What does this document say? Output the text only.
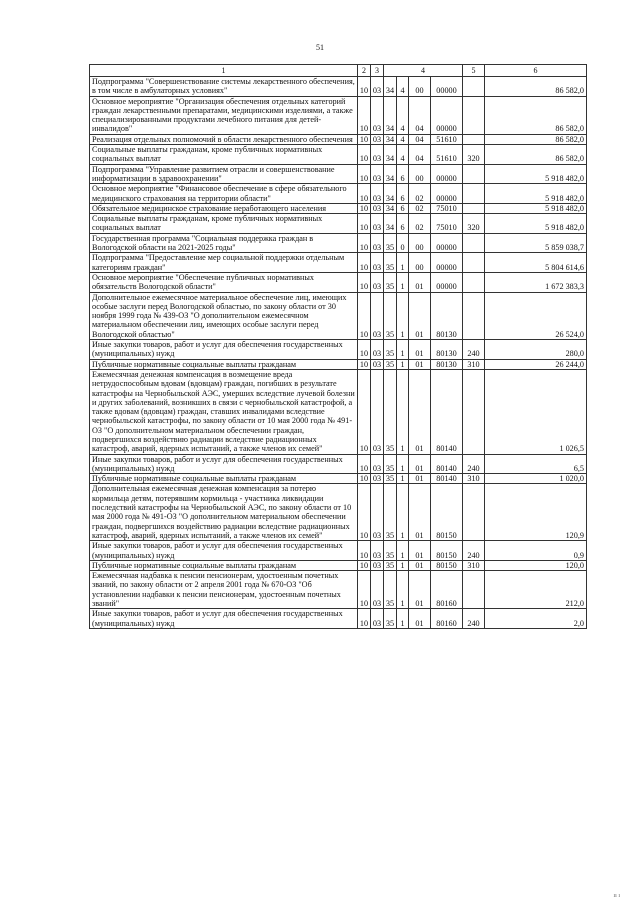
51
1	2	3	4				5	6
Подпрограмма "Совершенствование системы лекарственного обеспечения, в том числе в амбулаторных условиях"	10	03	34	4	00	00000		86 582,0
Основное мероприятие "Организация обеспечения отдельных категорий граждан лекарственными препаратами, медицинскими изделиями, а также специализированными продуктами лечебного питания для детей-инвалидов"	10	03	34	4	04	00000		86 582,0
Реализация отдельных полномочий в области лекарственного обеспечения	10	03	34	4	04	51610		86 582,0
Социальные выплаты гражданам, кроме публичных нормативных социальных выплат	10	03	34	4	04	51610	320	86 582,0
Подпрограмма "Управление развитием отрасли и совершенствование информатизации в здравоохранении"	10	03	34	6	00	00000		5 918 482,0
Основное мероприятие "Финансовое обеспечение в сфере обязательного медицинского страхования на территории области"	10	03	34	6	02	00000		5 918 482,0
Обязательное медицинское страхование неработающего населения	10	03	34	6	02	75010		5 918 482,0
Социальные выплаты гражданам, кроме публичных нормативных социальных выплат	10	03	34	6	02	75010	320	5 918 482,0
Государственная программа "Социальная поддержка граждан в Вологодской области на 2021-2025 годы"	10	03	35	0	00	00000		5 859 038,7
Подпрограмма "Предоставление мер социальной поддержки отдельным категориям граждан"	10	03	35	1	00	00000		5 804 614,6
Основное мероприятие "Обеспечение публичных нормативных обязательств Вологодской области"	10	03	35	1	01	00000		1 672 383,3
Дополнительное ежемесячное материальное обеспечение лиц, имеющих особые заслуги перед Вологодской областью, по закону области от 30 ноября 1999 года № 439-ОЗ "О дополнительном ежемесячном материальном обеспечении лиц, имеющих особые заслуги перед Вологодской областью"	10	03	35	1	01	80130		26 524,0
Иные закупки товаров, работ и услуг для обеспечения государственных (муниципальных) нужд	10	03	35	1	01	80130	240	280,0
Публичные нормативные социальные выплаты гражданам	10	03	35	1	01	80130	310	26 244,0
Ежемесячная денежная компенсация в возмещение вреда нетрудоспособным вдовам (вдовцам) граждан, погибших в результате катастрофы на Чернобыльской АЭС, умерших вследствие лучевой болезни и других заболеваний, возникших в связи с чернобыльской катастрофой, а также вдовам (вдовцам) граждан, ставших инвалидами вследствие чернобыльской катастрофы, по закону области от 10 мая 2000 года № 491-ОЗ "О дополнительном материальном обеспечении граждан, подвергшихся воздействию радиации вследствие радиационных катастроф, аварий, ядерных испытаний, а также членов их семей"	10	03	35	1	01	80140		1 026,5
Иные закупки товаров, работ и услуг для обеспечения государственных (муниципальных) нужд	10	03	35	1	01	80140	240	6,5
Публичные нормативные социальные выплаты гражданам	10	03	35	1	01	80140	310	1 020,0
Дополнительная ежемесячная денежная компенсация за потерю кормильца детям, потерявшим кормильца - участника ликвидации последствий катастрофы на Чернобыльской АЭС, по закону области от 10 мая 2000 года № 491-ОЗ "О дополнительном материальном обеспечении граждан, подвергшихся воздействию радиации вследствие радиационных катастроф, аварий, ядерных испытаний, а также членов их семей"	10	03	35	1	01	80150		120,9
Иные закупки товаров, работ и услуг для обеспечения государственных (муниципальных) нужд	10	03	35	1	01	80150	240	0,9
Публичные нормативные социальные выплаты гражданам	10	03	35	1	01	80150	310	120,0
Ежемесячная надбавка к пенсии пенсионерам, удостоенным почетных званий, по закону области от 2 апреля 2001 года № 670-ОЗ "Об установлении надбавки к пенсии пенсионерам, удостоенным почетных званий"	10	03	35	1	01	80160		212,0
Иные закупки товаров, работ и услуг для обеспечения государственных (муниципальных) нужд	10	03	35	1	01	80160	240	2,0
ıı ı
